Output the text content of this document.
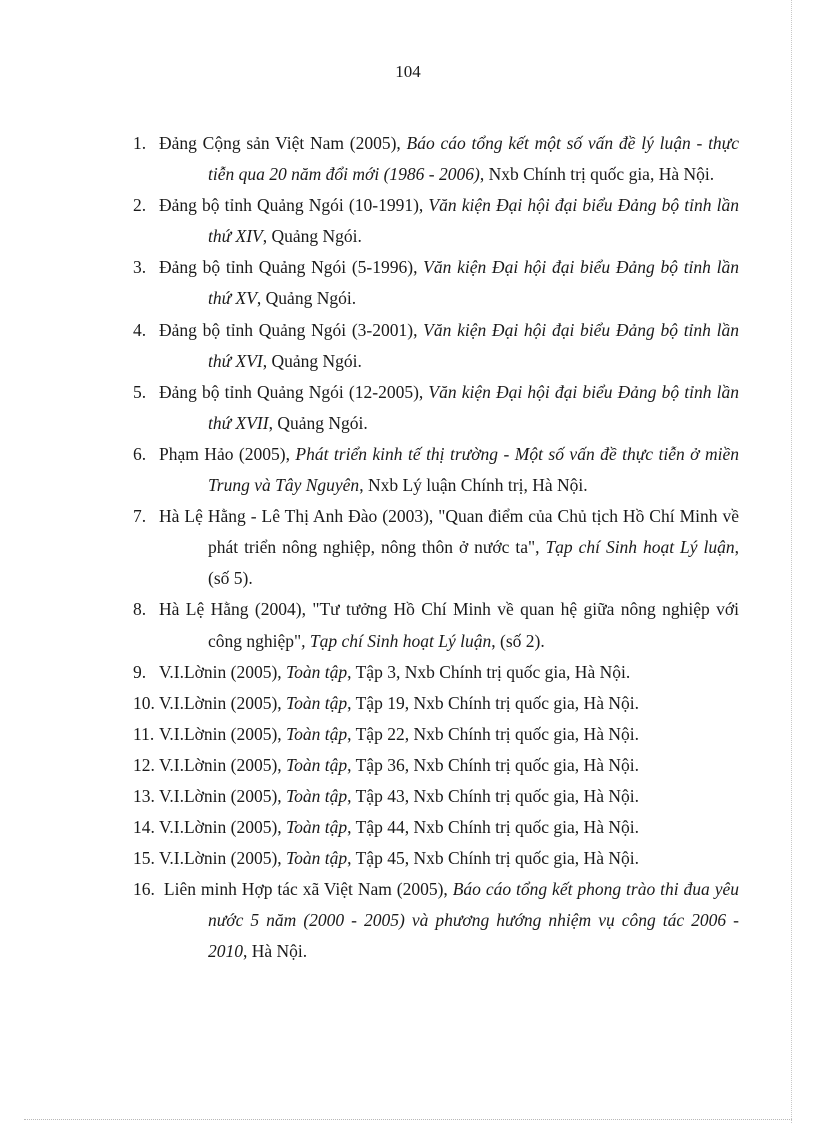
104
1. Đảng Cộng sản Việt Nam (2005), Báo cáo tổng kết một số vấn đề lý luận - thực tiễn qua 20 năm đổi mới (1986 - 2006), Nxb Chính trị quốc gia, Hà Nội.
2. Đảng bộ tỉnh Quảng Ngói (10-1991), Văn kiện Đại hội đại biểu Đảng bộ tỉnh lần thứ XIV, Quảng Ngói.
3. Đảng bộ tỉnh Quảng Ngói (5-1996), Văn kiện Đại hội đại biểu Đảng bộ tỉnh lần thứ XV, Quảng Ngói.
4. Đảng bộ tỉnh Quảng Ngói (3-2001), Văn kiện Đại hội đại biểu Đảng bộ tỉnh lần thứ XVI, Quảng Ngói.
5. Đảng bộ tỉnh Quảng Ngói (12-2005), Văn kiện Đại hội đại biểu Đảng bộ tỉnh lần thứ XVII, Quảng Ngói.
6. Phạm Hảo (2005), Phát triển kinh tế thị trường - Một số vấn đề thực tiễn ở miền Trung và Tây Nguyên, Nxb Lý luận Chính trị, Hà Nội.
7. Hà Lệ Hằng - Lê Thị Anh Đào (2003), "Quan điểm của Chủ tịch Hồ Chí Minh về phát triển nông nghiệp, nông thôn ở nước ta", Tạp chí Sinh hoạt Lý luận, (số 5).
8. Hà Lệ Hằng (2004), "Tư tưởng Hồ Chí Minh về quan hệ giữa nông nghiệp với công nghiệp", Tạp chí Sinh hoạt Lý luận, (số 2).
9. V.I.Lờnin (2005), Toàn tập, Tập 3, Nxb Chính trị quốc gia, Hà Nội.
10. V.I.Lờnin (2005), Toàn tập, Tập 19, Nxb Chính trị quốc gia, Hà Nội.
11. V.I.Lờnin (2005), Toàn tập, Tập 22, Nxb Chính trị quốc gia, Hà Nội.
12. V.I.Lờnin (2005), Toàn tập, Tập 36, Nxb Chính trị quốc gia, Hà Nội.
13. V.I.Lờnin (2005), Toàn tập, Tập 43, Nxb Chính trị quốc gia, Hà Nội.
14. V.I.Lờnin (2005), Toàn tập, Tập 44, Nxb Chính trị quốc gia, Hà Nội.
15. V.I.Lờnin (2005), Toàn tập, Tập 45, Nxb Chính trị quốc gia, Hà Nội.
16. Liên minh Hợp tác xã Việt Nam (2005), Báo cáo tổng kết phong trào thi đua yêu nước 5 năm (2000 - 2005) và phương hướng nhiệm vụ công tác 2006 - 2010, Hà Nội.
